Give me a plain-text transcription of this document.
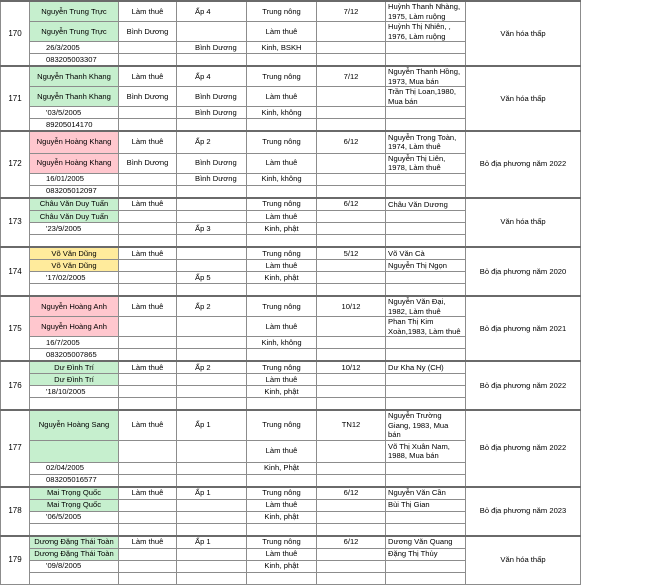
170	Nguyễn Trung Trực	Làm thuê	Ấp 4	Trung nông	7/12	Huỳnh Thanh Nhàng, 1975, Làm ruộng	Văn hóa thấp
	Nguyễn Trung Trực	Bình Dương		Làm thuê		Huỳnh Thị Nhiên, , 1976, Làm ruộng	
	26/3/2005		Bình Dương	Kinh, BSKH			
	083205003307						
171	Nguyễn Thanh Khang	Làm thuê	Ấp 4	Trung nông	7/12	Nguyễn Thanh Hồng, 1973, Mua bán	Văn hóa thấp
	Nguyễn Thanh Khang	Bình Dương	Bình Dương	Làm thuê		Trần Thị Loan,1980, Mua bán	
	'03/5/2005		Bình Dương	Kinh, không			
	89205014170						
172	Nguyễn Hoàng Khang	Làm thuê	Ấp 2	Trung nông	6/12	Nguyễn Trọng Toàn, 1974, Làm thuê	Bỏ địa phương năm 2022
	Nguyễn Hoàng Khang	Bình Dương	Bình Dương	Làm thuê		Nguyễn Thị Liên, 1978, Làm thuê	
	16/01/2005		Bình Dương	Kinh, không			
	083205012097						
173	Châu Văn Duy Tuấn	Làm thuê		Trung nông	6/12	Châu Văn Dương	Văn hóa thấp
	Châu Văn Duy Tuấn			Làm thuê			
	'23/9/2005		Ấp 3	Kinh, phật			

174	Võ Văn Dũng	Làm thuê		Trung nông	5/12	Võ Văn Cà	Bỏ địa phương năm 2020
	Võ Văn Dũng			Làm thuê		Nguyễn Thị Ngọn	
	'17/02/2005		Ấp 5	Kinh, phật			

175	Nguyễn Hoàng Anh	Làm thuê	Ấp 2	Trung nông	10/12	Nguyễn Văn Đại, 1982, Làm thuê	Bỏ địa phương năm 2021
	Nguyễn Hoàng Anh			Làm thuê		Phan Thị Kim Xoàn,1983, Làm thuê	
	16/7/2005			Kinh, không			
	083205007865						
176	Dư Đình Trí	Làm thuê	Ấp 2	Trung nông	10/12	Dư Kha Ny (CH)	Bỏ địa phương năm 2022
	Dư Đình Trí			Làm thuê			
	'18/10/2005			Kinh, phật			

177	Nguyễn Hoàng Sang	Làm thuê	Ấp 1	Trung nông	TN12	Nguyễn Trường Giang, 1983, Mua bán	Bỏ địa phương năm 2022
				Làm thuê		Võ Thị Xuân Nam, 1988, Mua bán	
	02/04/2005			Kinh, Phật			
	083205016577						
178	Mai Trọng Quốc	Làm thuê	Ấp 1	Trung nông	6/12	Nguyễn Văn Cần	Bỏ địa phương năm 2023
	Mai Trọng Quốc			Làm thuê		Bùi Thị Gian	
	'06/5/2005			Kinh, phật			

179	Dương Đặng Thái Toàn	Làm thuê	Ấp 1	Trung nông	6/12	Dương Văn Quang	Văn hóa thấp
	Dương Đặng Thái Toàn			Làm thuê		Đặng Thị Thủy	
	'09/8/2005			Kinh, phật			
